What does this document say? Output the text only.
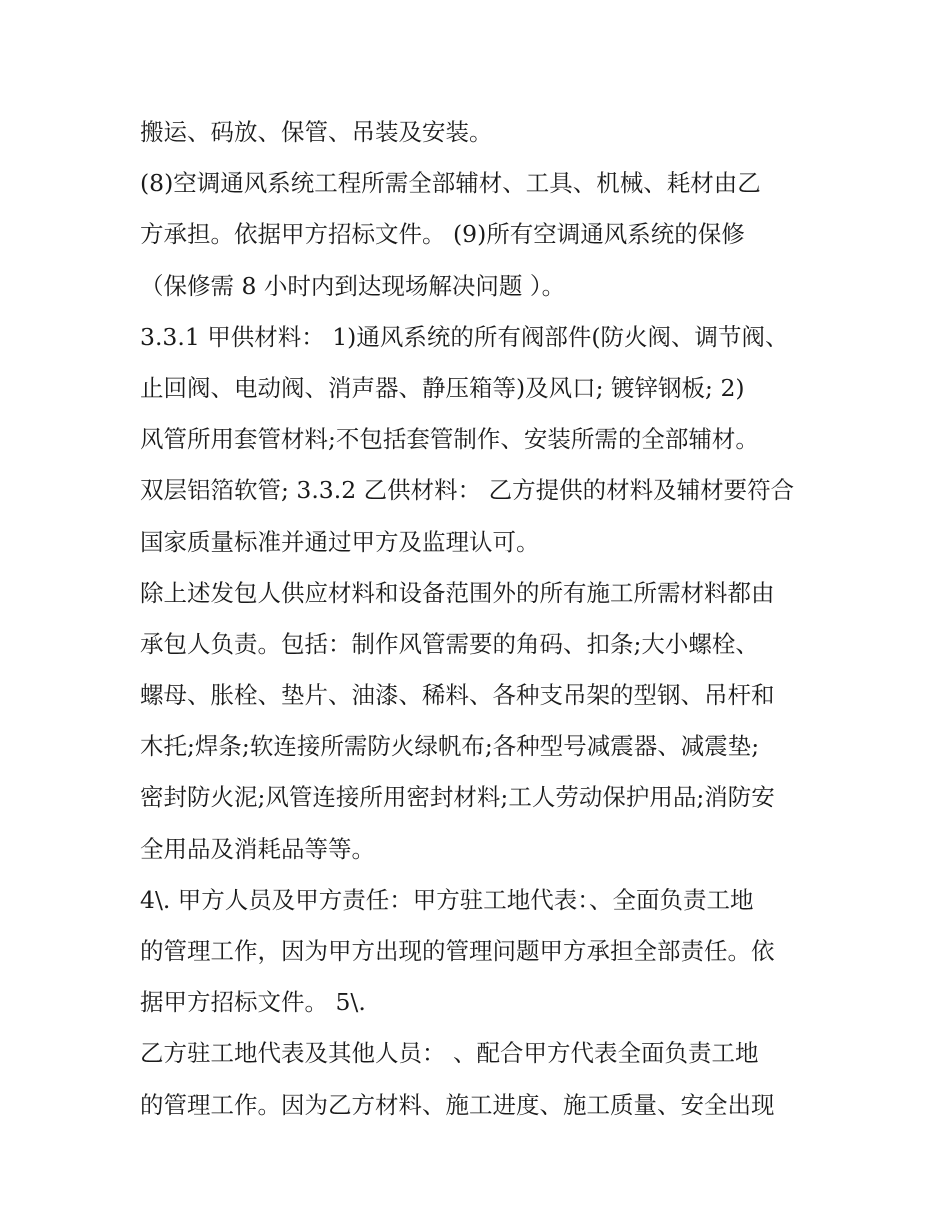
搬运、码放、保管、吊装及安装。
(8)空调通风系统工程所需全部辅材、工具、机械、耗材由乙
方承担。依据甲方招标文件。 (9)所有空调通风系统的保修
（保修需 8 小时内到达现场解决问题 ）。
3.3.1 甲供材料： 1)通风系统的所有阀部件(防火阀、调节阀、
止回阀、电动阀、消声器、静压箱等)及风口; 镀锌钢板; 2)
风管所用套管材料;不包括套管制作、安装所需的全部辅材。
双层铝箔软管; 3.3.2 乙供材料： 乙方提供的材料及辅材要符合
国家质量标准并通过甲方及监理认可。
除上述发包人供应材料和设备范围外的所有施工所需材料都由
承包人负责。包括：制作风管需要的角码、扣条;大小螺栓、
螺母、胀栓、垫片、油漆、稀料、各种支吊架的型钢、吊杆和
木托;焊条;软连接所需防火绿帆布;各种型号减震器、减震垫;
密封防火泥;风管连接所用密封材料;工人劳动保护用品;消防安
全用品及消耗品等等。
4\. 甲方人员及甲方责任：甲方驻工地代表：、全面负责工地
的管理工作，因为甲方出现的管理问题甲方承担全部责任。依
据甲方招标文件。 5\.
乙方驻工地代表及其他人员： 、配合甲方代表全面负责工地
的管理工作。因为乙方材料、施工进度、施工质量、安全出现
